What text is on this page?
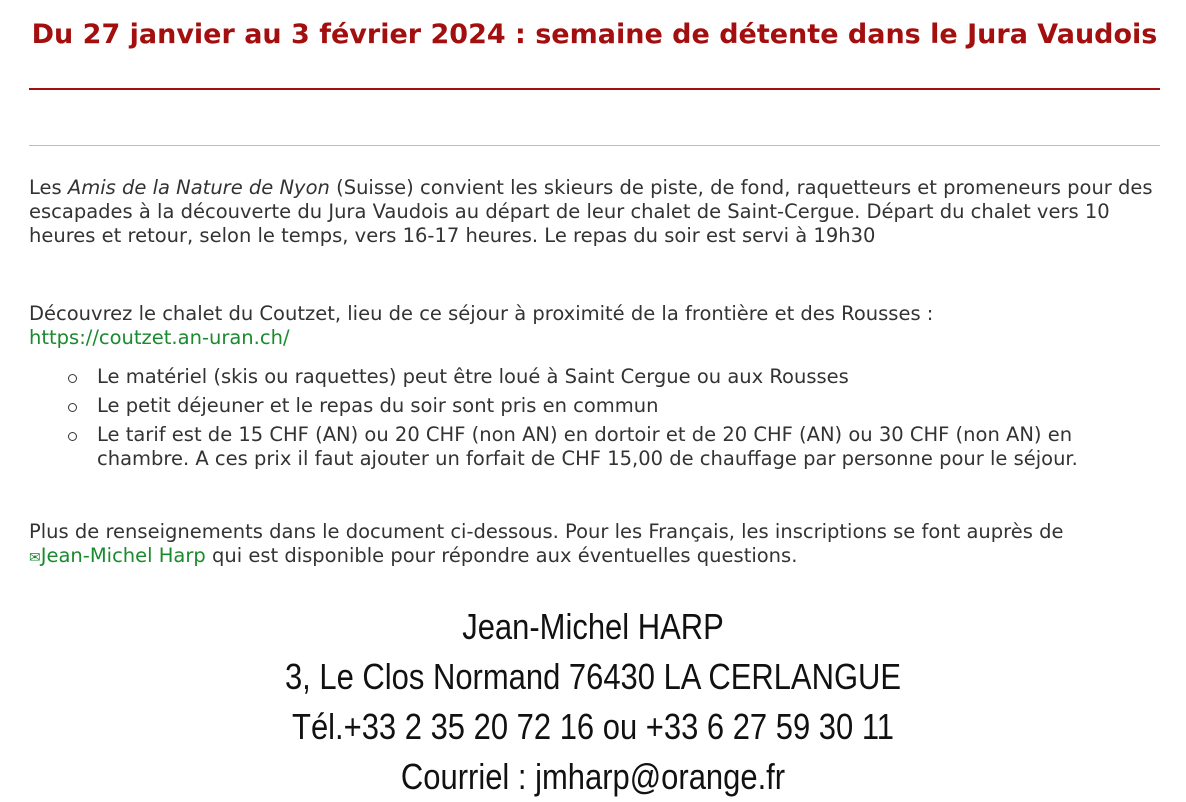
Du 27 janvier au 3 février 2024 : semaine de détente dans le Jura Vaudois

Les Amis de la Nature de Nyon (Suisse) convient les skieurs de piste, de fond, raquetteurs et promeneurs pour des escapades à la découverte du Jura Vaudois au départ de leur chalet de Saint-Cergue. Départ du chalet vers 10 heures et retour, selon le temps, vers 16-17 heures. Le repas du soir est servi à 19h30

Découvrez le chalet du Coutzet, lieu de ce séjour à proximité de la frontière et des Rousses :
https://coutzet.an-uran.ch/

Le matériel (skis ou raquettes) peut être loué à Saint Cergue ou aux Rousses
Le petit déjeuner et le repas du soir sont pris en commun
Le tarif est de 15 CHF (AN) ou 20 CHF (non AN) en dortoir et de 20 CHF (AN) ou 30 CHF (non AN) en chambre. A ces prix il faut ajouter un forfait de CHF 15,00 de chauffage par personne pour le séjour.

Plus de renseignements dans le document ci-dessous. Pour les Français, les inscriptions se font auprès de
✉Jean-Michel Harp qui est disponible pour répondre aux éventuelles questions.

Jean-Michel HARP
3, Le Clos Normand 76430 LA CERLANGUE
Tél.+33 2 35 20 72 16 ou +33 6 27 59 30 11
Courriel : jmharp@orange.fr
